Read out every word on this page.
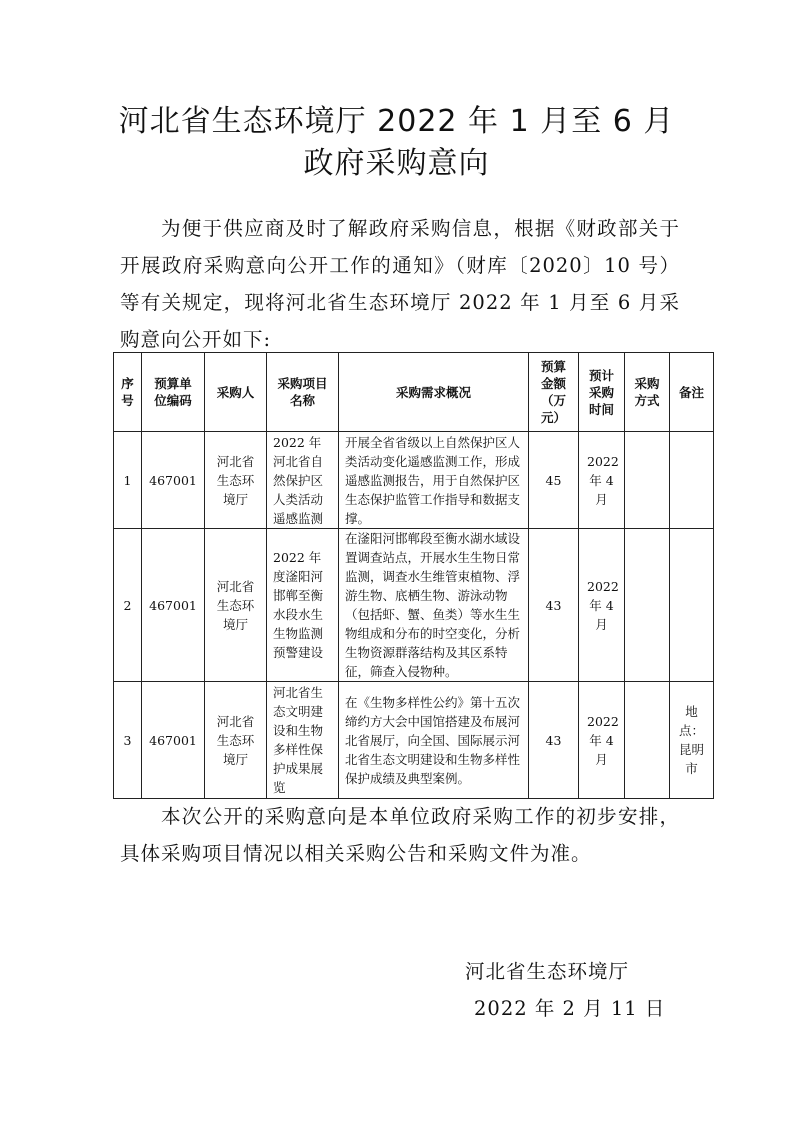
河北省生态环境厅 2022 年 1 月至 6 月
政府采购意向
为便于供应商及时了解政府采购信息，根据《财政部关于开展政府采购意向公开工作的通知》（财库〔2020〕10 号）等有关规定，现将河北省生态环境厅 2022 年 1 月至 6 月采购意向公开如下:
序号	预算单位编码	采购人	采购项目名称	采购需求概况	预算金额（万元）	预计采购时间	采购方式	备注
1	467001	河北省生态环境厅	2022 年河北省自然保护区人类活动遥感监测	开展全省省级以上自然保护区人类活动变化遥感监测工作，形成遥感监测报告，用于自然保护区生态保护监管工作指导和数据支撑。	45	2022 年 4 月		
2	467001	河北省生态环境厅	2022 年度滏阳河邯郸至衡水段水生生物监测预警建设	在滏阳河邯郸段至衡水湖水域设置调查站点，开展水生生物日常监测，调查水生维管束植物、浮游生物、底栖生物、游泳动物（包括虾、蟹、鱼类）等水生生物组成和分布的时空变化，分析生物资源群落结构及其区系特征，筛查入侵物种。	43	2022 年 4 月		
3	467001	河北省生态环境厅	河北省生态文明建设和生物多样性保护成果展览	在《生物多样性公约》第十五次缔约方大会中国馆搭建及布展河北省展厅，向全国、国际展示河北省生态文明建设和生物多样性保护成绩及典型案例。	43	2022 年 4 月		地点：昆明市
本次公开的采购意向是本单位政府采购工作的初步安排，具体采购项目情况以相关采购公告和采购文件为准。
河北省生态环境厅
2022 年 2 月 11 日
